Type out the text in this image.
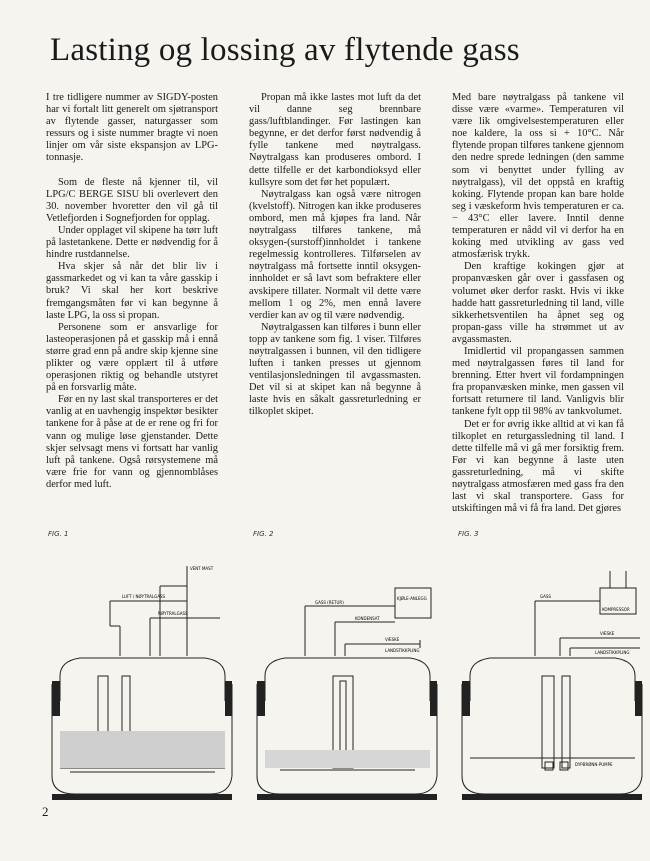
Lasting og lossing av flytende gass

I tre tidligere nummer av SIGDY-posten har vi fortalt litt generelt om sjøtransport av flytende gasser, naturgasser som ressurs og i siste nummer bragte vi noen linjer om vår siste ekspansjon av LPG-tonnasje.

Som de fleste nå kjenner til, vil LPG/C BERGE SISU bli overlevert den 30. november hvoretter den vil gå til Vetlefjorden i Sognefjorden for opplag.

Under opplaget vil skipene ha tørr luft på lastetankene. Dette er nødvendig for å hindre rustdannelse.

Hva skjer så når det blir liv i gassmarkedet og vi kan ta våre gasskip i bruk? Vi skal her kort beskrive fremgangsmåten før vi kan begynne å laste LPG, la oss si propan.

Personene som er ansvarlige for lasteoperasjonen på et gasskip må i ennå større grad enn på andre skip kjenne sine plikter og være opplært til å utføre operasjonen riktig og behandle utstyret på en forsvarlig måte.

Før en ny last skal transporteres er det vanlig at en uavhengig inspektør besikter tankene for å påse at de er rene og fri for vann og mulige løse gjenstander. Dette skjer selvsagt mens vi fortsatt har vanlig luft på tankene. Også rørsystemene må være frie for vann og gjennomblåses derfor med luft.

Propan må ikke lastes mot luft da det vil danne seg brennbare gass/luftblandinger. Før lastingen kan begynne, er det derfor først nødvendig å fylle tankene med nøytralgass. Nøytralgass kan produseres ombord. I dette tilfelle er det karbondioksyd eller kullsyre som det før het populært.

Nøytralgass kan også være nitrogen (kvelstoff). Nitrogen kan ikke produseres ombord, men må kjøpes fra land. Når nøytralgass tilføres tankene, må oksygen-(surstoff)innholdet i tankene regelmessig kontrolleres. Tilførselen av nøytralgass må fortsette inntil oksygen-innholdet er så lavt som befrakterе eller avskipere tillater. Normalt vil dette være mellom 1 og 2%, men ennå lavere verdier kan av og til være nødvendig.

Nøytralgassen kan tilføres i bunn eller topp av tankene som fig. 1 viser. Tilføres nøytralgassen i bunnen, vil den tidligere luften i tanken presses ut gjennom ventilasjonsledningen til avgassmasten. Det vil si at skipet kan nå begynne å laste hvis en såkalt gassreturledning er tilkoplet skipet.

Med bare nøytralgass på tankene vil disse være «varme». Temperaturen vil være lik omgivelsestemperaturen eller noe kaldere, la oss si + 10°C. Når flytende propan tilføres tankene gjennom den nedre sprede ledningen (den samme som vi benyttet under fylling av nøytralgass), vil det oppstå en kraftig koking. Flytende propan kan bare holde seg i væskeform hvis temperaturen er ca. − 43°C eller lavere. Inntil denne temperaturen er nådd vil vi derfor ha en koking med utvikling av gass ved atmosfærisk trykk.

Den kraftige kokingen gjør at propanvæsken går over i gassfasen og volumet øker derfor raskt. Hvis vi ikke hadde hatt gassreturledning til land, ville sikkerhetsventilen ha åpnet seg og propan-gass ville ha strømmet ut av avgassmasten.

Imidlertid vil propangassen sammen med nøytralgassen føres til land for brenning. Etter hvert vil fordampningen fra propanvæsken minke, men gassen vil fortsatt returnere til land. Vanligvis blir tankene fylt opp til 98% av tankvolumet.

Det er for øvrig ikke alltid at vi kan få tilkoplet en returgassledning til land. I dette tilfelle må vi gå mer forsiktig frem. Før vi kan begynne å laste uten gassreturledning, må vi skifte nøytralgass atmosfæren med gass fra den last vi skal transportere. Gass for utskiftingen må vi få fra land. Det gjøres

FIG. 1
VENT MAST
LUFT / NØYTRALGASS
NØYTRALGASS
FIG. 2
GASS (RETUR)
KJØLE-ANLEGG
KONDENSAT
VÆSKE
LANDSTIKKPLING
FIG. 3
GASS
KOMPRESSOR
VÆSKE
LANDSTIKKPLING
DYPBRØNN-PUMPE
2
